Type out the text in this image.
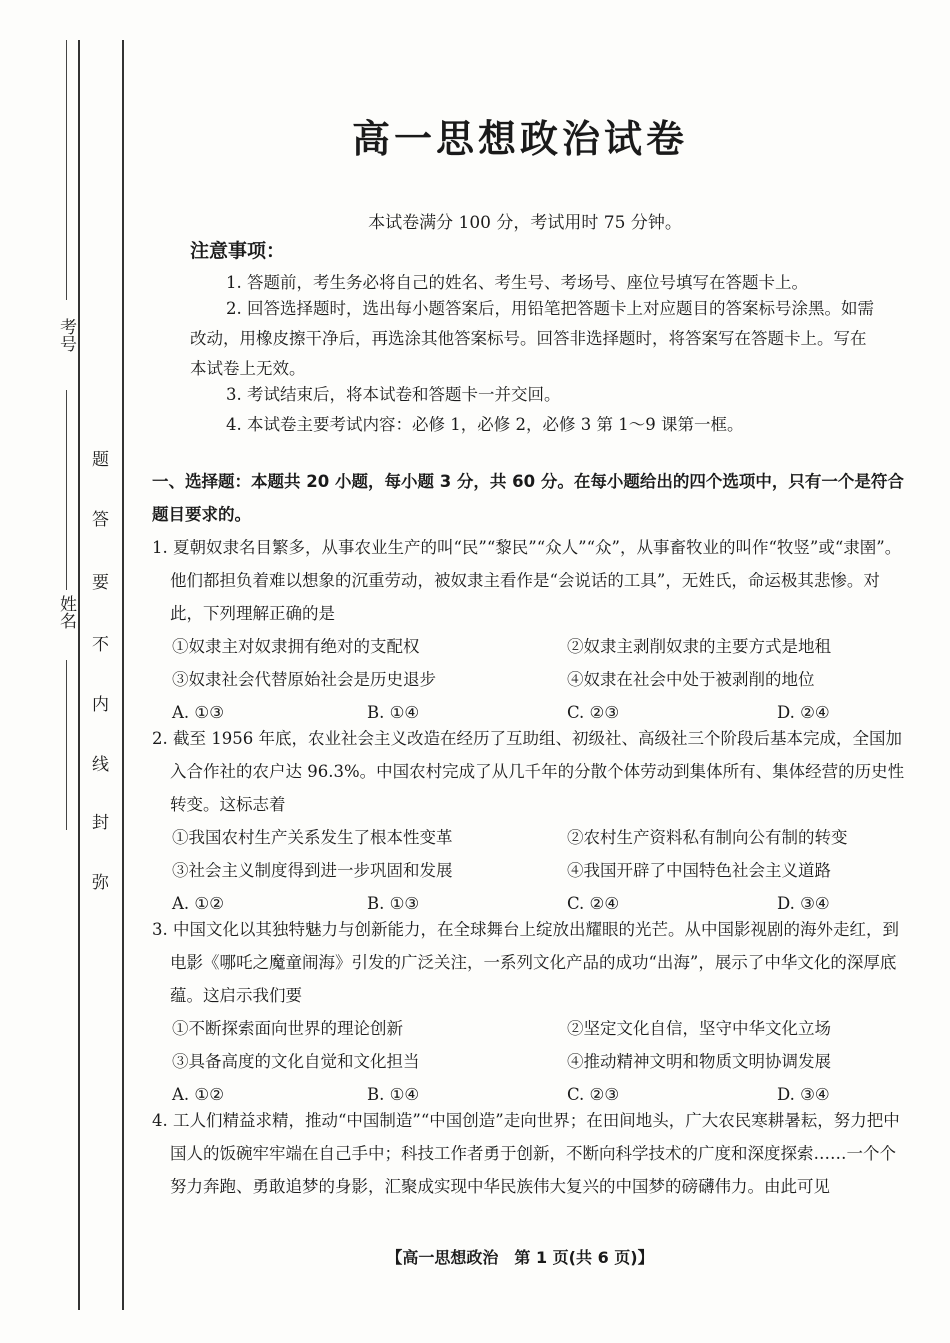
考号
姓名
弥
封
线
内
不
要
答
题
高一思想政治试卷
本试卷满分 100 分，考试用时 75 分钟。
注意事项：
1. 答题前，考生务必将自己的姓名、考生号、考场号、座位号填写在答题卡上。
2. 回答选择题时，选出每小题答案后，用铅笔把答题卡上对应题目的答案标号涂黑。如需改动，用橡皮擦干净后，再选涂其他答案标号。回答非选择题时，将答案写在答题卡上。写在本试卷上无效。
3. 考试结束后，将本试卷和答题卡一并交回。
4. 本试卷主要考试内容：必修 1，必修 2，必修 3 第 1～9 课第一框。
一、选择题：本题共 20 小题，每小题 3 分，共 60 分。在每小题给出的四个选项中，只有一个是符合题目要求的。
1. 夏朝奴隶名目繁多，从事农业生产的叫“民”“黎民”“众人”“众”，从事畜牧业的叫作“牧竖”或“隶圉”。他们都担负着难以想象的沉重劳动，被奴隶主看作是“会说话的工具”，无姓氏，命运极其悲惨。对此，下列理解正确的是
①奴隶主对奴隶拥有绝对的支配权	②奴隶主剥削奴隶的主要方式是地租
③奴隶社会代替原始社会是历史退步	④奴隶在社会中处于被剥削的地位
A. ①③	B. ①④	C. ②③	D. ②④
2. 截至 1956 年底，农业社会主义改造在经历了互助组、初级社、高级社三个阶段后基本完成，全国加入合作社的农户达 96.3%。中国农村完成了从几千年的分散个体劳动到集体所有、集体经营的历史性转变。这标志着
①我国农村生产关系发生了根本性变革	②农村生产资料私有制向公有制的转变
③社会主义制度得到进一步巩固和发展	④我国开辟了中国特色社会主义道路
A. ①②	B. ①③	C. ②④	D. ③④
3. 中国文化以其独特魅力与创新能力，在全球舞台上绽放出耀眼的光芒。从中国影视剧的海外走红，到电影《哪吒之魔童闹海》引发的广泛关注，一系列文化产品的成功“出海”，展示了中华文化的深厚底蕴。这启示我们要
①不断探索面向世界的理论创新	②坚定文化自信，坚守中华文化立场
③具备高度的文化自觉和文化担当	④推动精神文明和物质文明协调发展
A. ①②	B. ①④	C. ②③	D. ③④
4. 工人们精益求精，推动“中国制造”“中国创造”走向世界；在田间地头，广大农民寒耕暑耘，努力把中国人的饭碗牢牢端在自己手中；科技工作者勇于创新，不断向科学技术的广度和深度探索……一个个努力奔跑、勇敢追梦的身影，汇聚成实现中华民族伟大复兴的中国梦的磅礴伟力。由此可见
【高一思想政治　第 1 页(共 6 页)】
